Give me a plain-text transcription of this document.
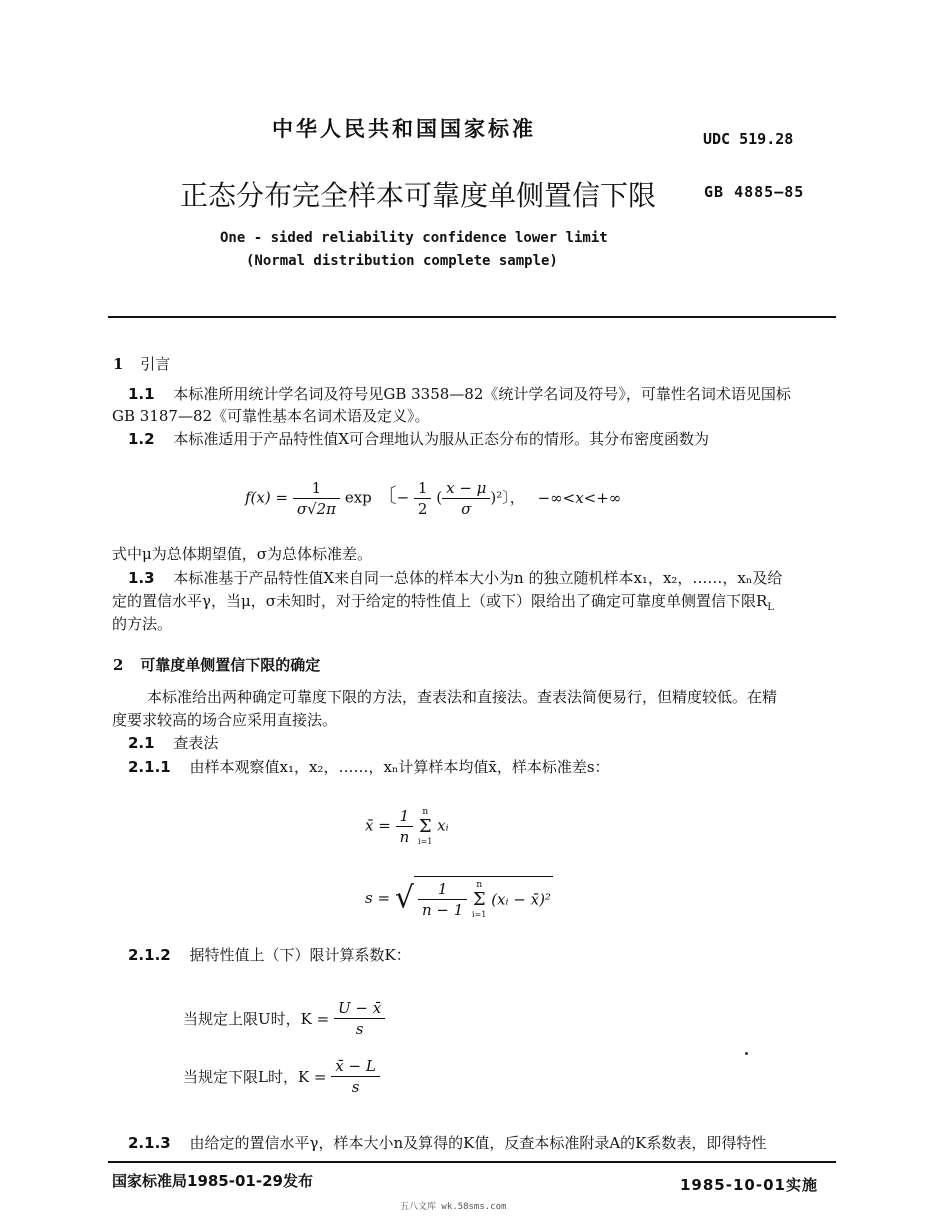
中华人民共和国国家标准	UDC 519.28
正态分布完全样本可靠度单侧置信下限	GB 4885—85
One - sided reliability confidence lower limit
(Normal distribution complete sample)
1 引言
1.1 本标准所用统计学名词及符号见GB 3358—82《统计学名词及符号》，可靠性名词术语见国标
GB 3187—82《可靠性基本名词术语及定义》。
1.2 本标准适用于产品特性值X可合理地认为服从正态分布的情形。其分布密度函数为
$f(x) = \frac{1}{\sigma√2\pi}$ exp 〔− $\frac{1}{2}$ ( $\frac{x - \mu}{\sigma} )^2$〕， −∞<x<+∞
式中μ为总体期望值，σ为总体标准差。
1.3 本标准基于产品特性值X来自同一总体的样本大小为n 的独立随机样本x₁，x₂，……，xₙ及给
定的置信水平γ，当μ，σ未知时，对于给定的特性值上（或下）限给出了确定可靠度单侧置信下限$R_L$
的方法。
2 可靠度单侧置信下限的确定
本标准给出两种确定可靠度下限的方法，查表法和直接法。查表法简便易行，但精度较低。在精
度要求较高的场合应采用直接法。
2.1 查表法
2.1.1 由样本观察值x₁，x₂，……，xₙ计算样本均值x̄，样本标准差s：
x̄ = $\frac{1}{n}$
	n
Σ
i=1
xᵢ
s = √ $\frac{1}{n - 1}$
	n
Σ
i=1
(xᵢ − x̄)²
2.1.2 据特性值上（下）限计算系数K：
当规定上限U时，$K = \frac{U - x̄}{s}$
当规定下限L时，$K = \frac{x̄ - L}{s}$
2.1.3 由给定的置信水平γ，样本大小n及算得的K值，反查本标准附录A的K系数表，即得特性
国家标准局1985-01-29发布	1985-10-01实施
五八文库 wk.58sms.com
